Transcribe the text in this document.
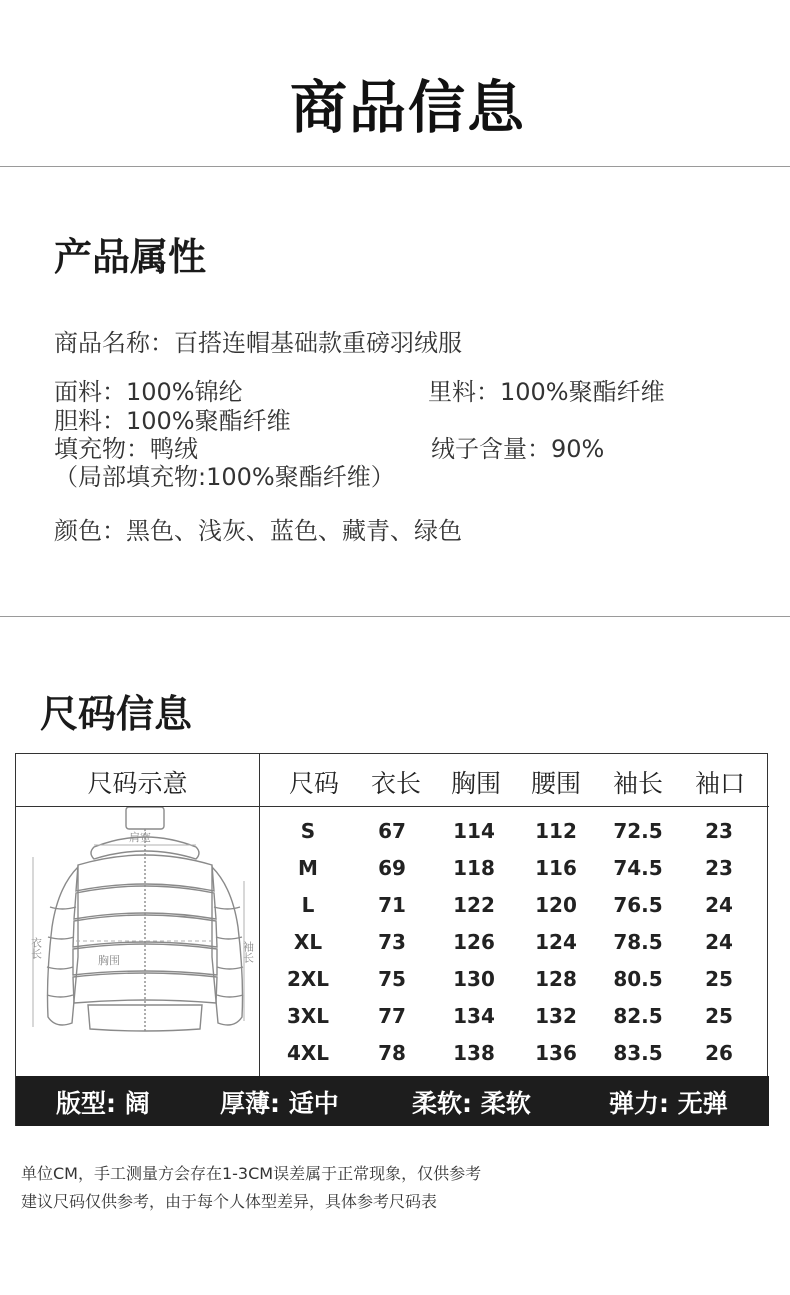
商品信息
产品属性
商品名称：百搭连帽基础款重磅羽绒服
面料：100%锦纶	里料：100%聚酯纤维
胆料：100%聚酯纤维
填充物：鸭绒	绒子含量：90%
（局部填充物:100%聚酯纤维）
颜色：黑色、浅灰、蓝色、藏青、绿色
尺码信息
尺码示意	尺码	衣长	胸围	腰围	袖长	袖口
肩宽
衣长
胸围	袖长
S	67	114	112	72.5	23
M	69	118	116	74.5	23
L	71	122	120	76.5	24
XL	73	126	124	78.5	24
2XL	75	130	128	80.5	25
3XL	77	134	132	82.5	25
4XL	78	138	136	83.5	26
版型: 阔	厚薄: 适中	柔软: 柔软	弹力: 无弹
单位CM，手工测量方会存在1-3CM误差属于正常现象，仅供参考
建议尺码仅供参考，由于每个人体型差异，具体参考尺码表
